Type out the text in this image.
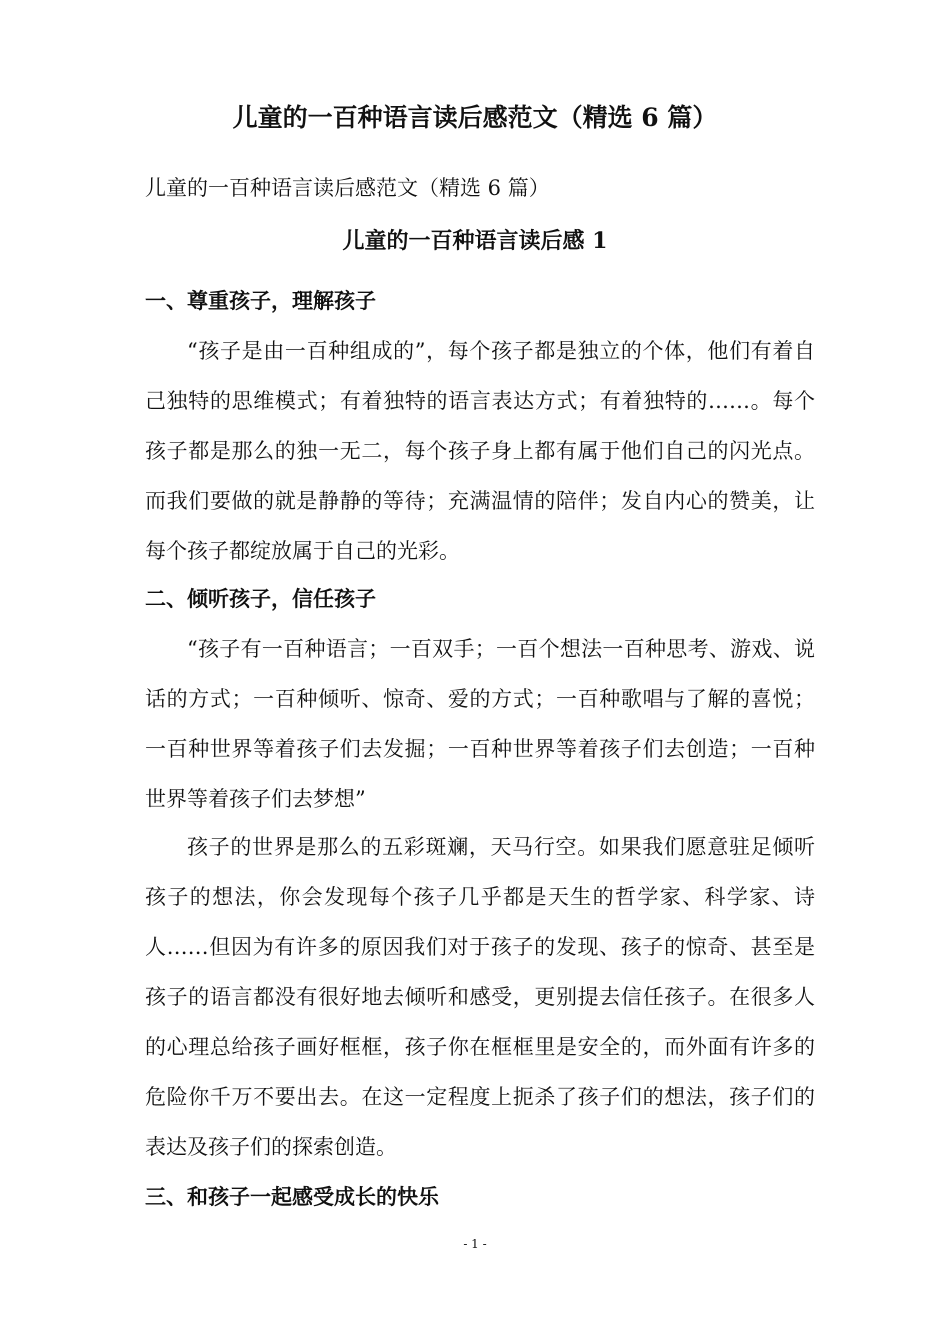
儿童的一百种语言读后感范文（精选 6 篇）
儿童的一百种语言读后感范文（精选 6 篇）
儿童的一百种语言读后感 1
一、尊重孩子，理解孩子

“孩子是由一百种组成的”，每个孩子都是独立的个体，他们有着自己独特的思维模式；有着独特的语言表达方式；有着独特的……。每个孩子都是那么的独一无二，每个孩子身上都有属于他们自己的闪光点。而我们要做的就是静静的等待；充满温情的陪伴；发自内心的赞美，让每个孩子都绽放属于自己的光彩。

二、倾听孩子，信任孩子

“孩子有一百种语言；一百双手；一百个想法一百种思考、游戏、说话的方式；一百种倾听、惊奇、爱的方式；一百种歌唱与了解的喜悦；一百种世界等着孩子们去发掘；一百种世界等着孩子们去创造；一百种世界等着孩子们去梦想”

孩子的世界是那么的五彩斑斓，天马行空。如果我们愿意驻足倾听孩子的想法，你会发现每个孩子几乎都是天生的哲学家、科学家、诗人……但因为有许多的原因我们对于孩子的发现、孩子的惊奇、甚至是孩子的语言都没有很好地去倾听和感受，更别提去信任孩子。在很多人的心理总给孩子画好框框，孩子你在框框里是安全的，而外面有许多的危险你千万不要出去。在这一定程度上扼杀了孩子们的想法，孩子们的表达及孩子们的探索创造。

三、和孩子一起感受成长的快乐
- 1 -
